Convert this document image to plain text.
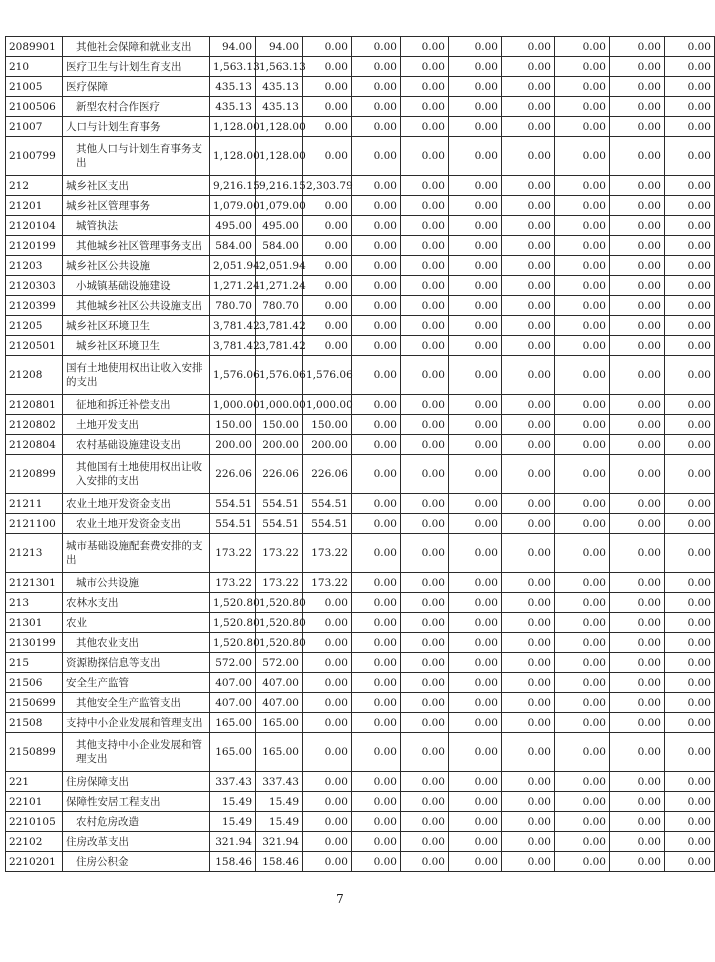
2089901	其他社会保障和就业支出	94.00	94.00	0.00	0.00	0.00	0.00	0.00	0.00	0.00	0.00
210	医疗卫生与计划生育支出	1,563.13	1,563.13	0.00	0.00	0.00	0.00	0.00	0.00	0.00	0.00
21005	医疗保障	435.13	435.13	0.00	0.00	0.00	0.00	0.00	0.00	0.00	0.00
2100506	新型农村合作医疗	435.13	435.13	0.00	0.00	0.00	0.00	0.00	0.00	0.00	0.00
21007	人口与计划生育事务	1,128.00	1,128.00	0.00	0.00	0.00	0.00	0.00	0.00	0.00	0.00
2100799	其他人口与计划生育事务支出	1,128.00	1,128.00	0.00	0.00	0.00	0.00	0.00	0.00	0.00	0.00
212	城乡社区支出	9,216.15	9,216.15	2,303.79	0.00	0.00	0.00	0.00	0.00	0.00	0.00
21201	城乡社区管理事务	1,079.00	1,079.00	0.00	0.00	0.00	0.00	0.00	0.00	0.00	0.00
2120104	城管执法	495.00	495.00	0.00	0.00	0.00	0.00	0.00	0.00	0.00	0.00
2120199	其他城乡社区管理事务支出	584.00	584.00	0.00	0.00	0.00	0.00	0.00	0.00	0.00	0.00
21203	城乡社区公共设施	2,051.94	2,051.94	0.00	0.00	0.00	0.00	0.00	0.00	0.00	0.00
2120303	小城镇基础设施建设	1,271.24	1,271.24	0.00	0.00	0.00	0.00	0.00	0.00	0.00	0.00
2120399	其他城乡社区公共设施支出	780.70	780.70	0.00	0.00	0.00	0.00	0.00	0.00	0.00	0.00
21205	城乡社区环境卫生	3,781.42	3,781.42	0.00	0.00	0.00	0.00	0.00	0.00	0.00	0.00
2120501	城乡社区环境卫生	3,781.42	3,781.42	0.00	0.00	0.00	0.00	0.00	0.00	0.00	0.00
21208	国有土地使用权出让收入安排的支出	1,576.06	1,576.06	1,576.06	0.00	0.00	0.00	0.00	0.00	0.00	0.00
2120801	征地和拆迁补偿支出	1,000.00	1,000.00	1,000.00	0.00	0.00	0.00	0.00	0.00	0.00	0.00
2120802	土地开发支出	150.00	150.00	150.00	0.00	0.00	0.00	0.00	0.00	0.00	0.00
2120804	农村基础设施建设支出	200.00	200.00	200.00	0.00	0.00	0.00	0.00	0.00	0.00	0.00
2120899	其他国有土地使用权出让收入安排的支出	226.06	226.06	226.06	0.00	0.00	0.00	0.00	0.00	0.00	0.00
21211	农业土地开发资金支出	554.51	554.51	554.51	0.00	0.00	0.00	0.00	0.00	0.00	0.00
2121100	农业土地开发资金支出	554.51	554.51	554.51	0.00	0.00	0.00	0.00	0.00	0.00	0.00
21213	城市基础设施配套费安排的支出	173.22	173.22	173.22	0.00	0.00	0.00	0.00	0.00	0.00	0.00
2121301	城市公共设施	173.22	173.22	173.22	0.00	0.00	0.00	0.00	0.00	0.00	0.00
213	农林水支出	1,520.80	1,520.80	0.00	0.00	0.00	0.00	0.00	0.00	0.00	0.00
21301	农业	1,520.80	1,520.80	0.00	0.00	0.00	0.00	0.00	0.00	0.00	0.00
2130199	其他农业支出	1,520.80	1,520.80	0.00	0.00	0.00	0.00	0.00	0.00	0.00	0.00
215	资源勘探信息等支出	572.00	572.00	0.00	0.00	0.00	0.00	0.00	0.00	0.00	0.00
21506	安全生产监管	407.00	407.00	0.00	0.00	0.00	0.00	0.00	0.00	0.00	0.00
2150699	其他安全生产监管支出	407.00	407.00	0.00	0.00	0.00	0.00	0.00	0.00	0.00	0.00
21508	支持中小企业发展和管理支出	165.00	165.00	0.00	0.00	0.00	0.00	0.00	0.00	0.00	0.00
2150899	其他支持中小企业发展和管理支出	165.00	165.00	0.00	0.00	0.00	0.00	0.00	0.00	0.00	0.00
221	住房保障支出	337.43	337.43	0.00	0.00	0.00	0.00	0.00	0.00	0.00	0.00
22101	保障性安居工程支出	15.49	15.49	0.00	0.00	0.00	0.00	0.00	0.00	0.00	0.00
2210105	农村危房改造	15.49	15.49	0.00	0.00	0.00	0.00	0.00	0.00	0.00	0.00
22102	住房改革支出	321.94	321.94	0.00	0.00	0.00	0.00	0.00	0.00	0.00	0.00
2210201	住房公积金	158.46	158.46	0.00	0.00	0.00	0.00	0.00	0.00	0.00	0.00
7
